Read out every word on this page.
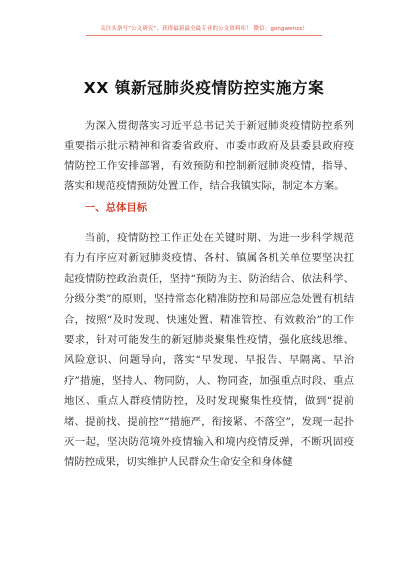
关注头条号“公文研究”，获得最新最全最专业的公文资料库！ 微信：gongwenzz）
XX 镇新冠肺炎疫情防控实施方案

为深入贯彻落实习近平总书记关于新冠肺炎疫情防控系列重要指示批示精神和省委省政府、市委市政府及县委县政府疫情防控工作安排部署，有效预防和控制新冠肺炎疫情，指导、落实和规范疫情预防处置工作，结合我镇实际，制定本方案。

一、总体目标

当前，疫情防控工作正处在关键时期、为进一步科学规范有力有序应对新冠肺炎疫情、各村、镇属各机关单位要坚决扛起疫情防控政治责任，坚持“预防为主、防治结合、依法科学、分级分类”的原则，坚持常态化精准防控和局部应急处置有机结合，按照“及时发现、快速处置、精准管控、有效救治”的工作要求，针对可能发生的新冠肺炎聚集性疫情，强化底线思维、风险意识、问题导向，落实“早发现、早报告、早隔离、早治疗”措施，坚持人、物同防，人、物同查，加强重点时段、重点地区、重点人群疫情防控，及时发现聚集性疫情，做到“提前堵、提前找、提前控”“措施严，衔接紧、不落空”，发现一起扑灭一起，坚决防范境外疫情输入和境内疫情反弹，不断巩固疫情防控成果，切实维护人民群众生命安全和身体健
